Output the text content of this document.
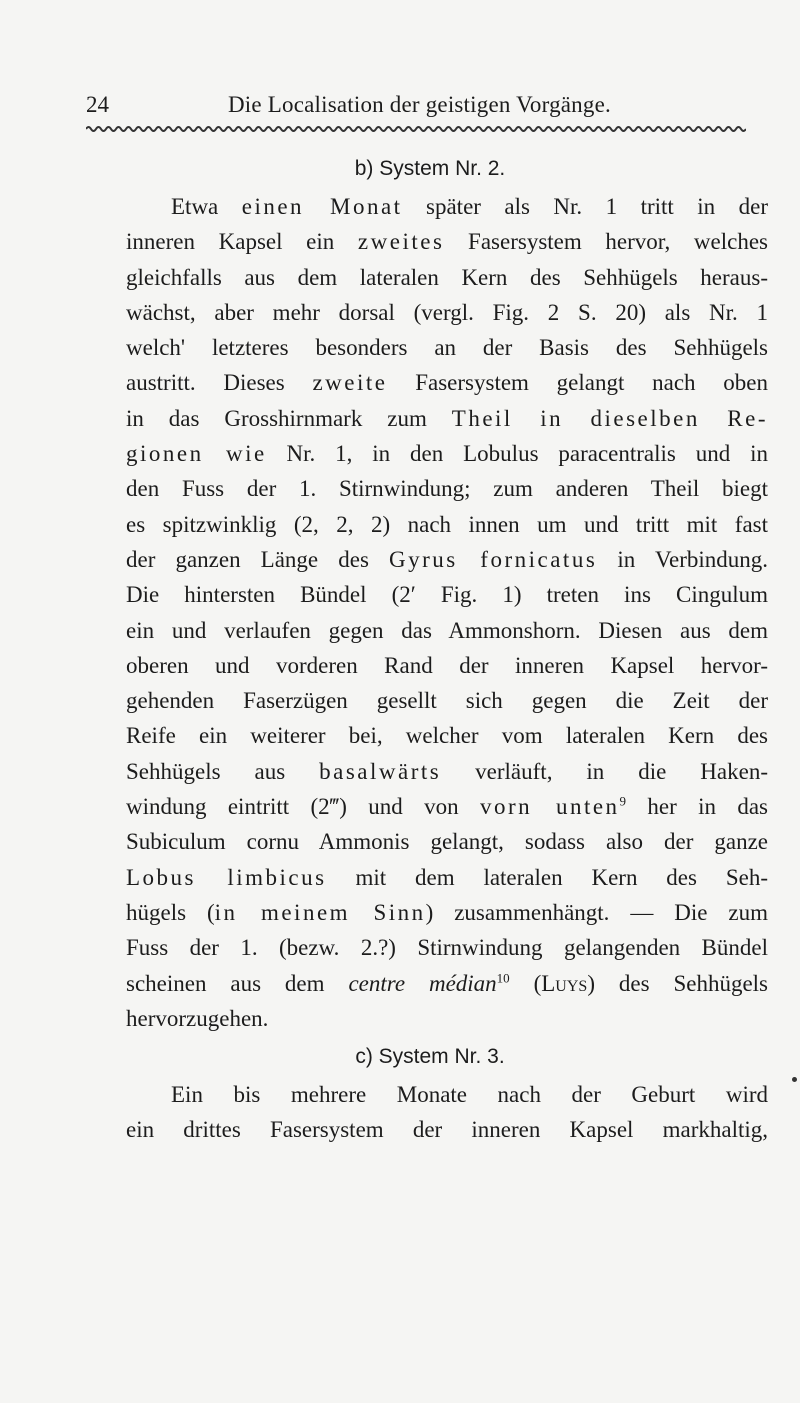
24	Die Localisation der geistigen Vorgänge.
b) System Nr. 2.
Etwa einen Monat später als Nr. 1 tritt in der
inneren Kapsel ein zweites Fasersystem hervor, welches
gleichfalls aus dem lateralen Kern des Sehhügels heraus-
wächst, aber mehr dorsal (vergl. Fig. 2 S. 20) als Nr. 1
welch' letzteres besonders an der Basis des Sehhügels
austritt. Dieses zweite Fasersystem gelangt nach oben
in das Grosshirnmark zum Theil in dieselben Re-
gionen wie Nr. 1, in den Lobulus paracentralis und in
den Fuss der 1. Stirnwindung; zum anderen Theil biegt
es spitzwinklig (2, 2, 2) nach innen um und tritt mit fast
der ganzen Länge des Gyrus fornicatus in Verbindung.
Die hintersten Bündel (2′ Fig. 1) treten ins Cingulum
ein und verlaufen gegen das Ammonshorn. Diesen aus dem
oberen und vorderen Rand der inneren Kapsel hervor-
gehenden Faserzügen gesellt sich gegen die Zeit der
Reife ein weiterer bei, welcher vom lateralen Kern des
Sehhügels aus basalwärts verläuft, in die Haken-
windung eintritt (2‴) und von vorn unten$^9$ her in das
Subiculum cornu Ammonis gelangt, sodass also der ganze
Lobus limbicus mit dem lateralen Kern des Seh-
hügels (in meinem Sinn) zusammenhängt. — Die zum
Fuss der 1. (bezw. 2.?) Stirnwindung gelangenden Bündel
scheinen aus dem centre médian$^{10}$ (Luys) des Sehhügels
hervorzugehen.
c) System Nr. 3.
Ein bis mehrere Monate nach der Geburt wird
ein drittes Fasersystem der inneren Kapsel markhaltig,
